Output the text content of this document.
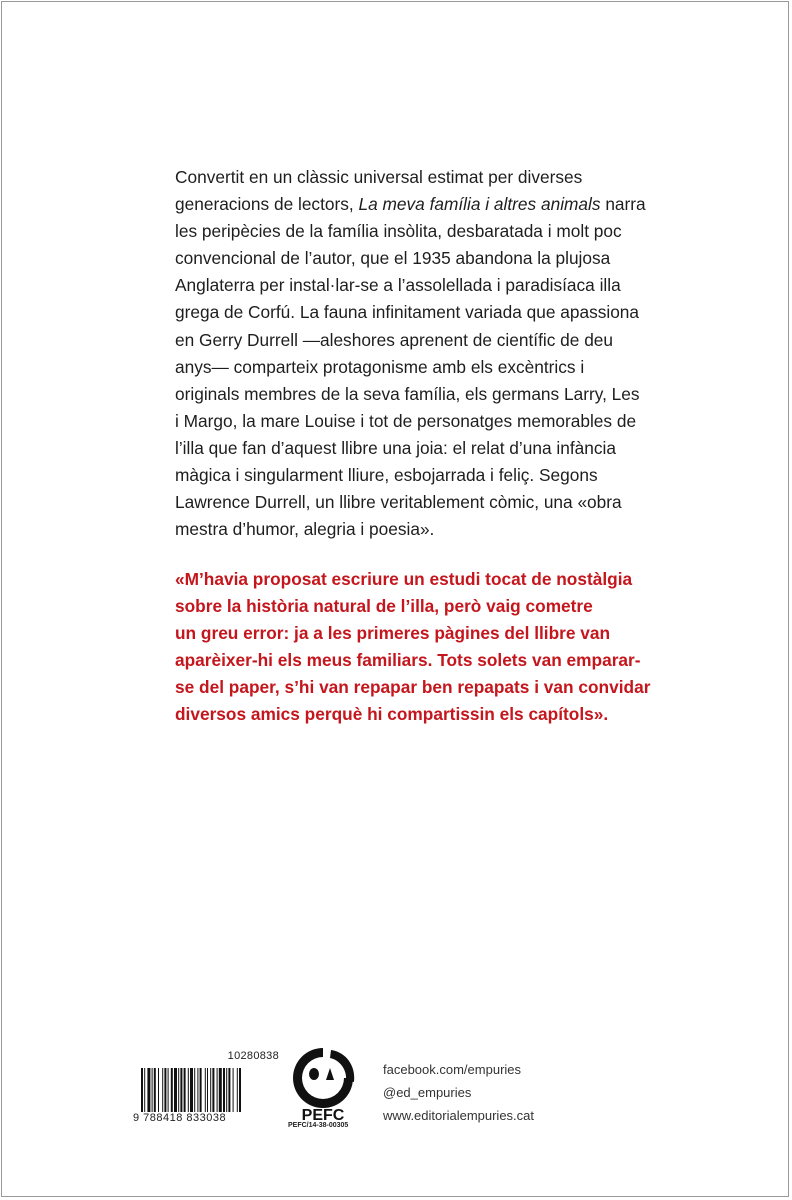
Convertit en un clàssic universal estimat per diverses
generacions de lectors, La meva família i altres animals narra
les peripècies de la família insòlita, desbaratada i molt poc
convencional de l’autor, que el 1935 abandona la plujosa
Anglaterra per instal·lar-se a l’assolellada i paradisíaca illa
grega de Corfú. La fauna infinitament variada que apassiona
en Gerry Durrell —aleshores aprenent de científic de deu
anys— comparteix protagonisme amb els excèntrics i
originals membres de la seva família, els germans Larry, Les
i Margo, la mare Louise i tot de personatges memorables de
l’illa que fan d’aquest llibre una joia: el relat d’una infància
màgica i singularment lliure, esbojarrada i feliç. Segons
Lawrence Durrell, un llibre veritablement còmic, una «obra
mestra d’humor, alegria i poesia».
«M’havia proposat escriure un estudi tocat de nostàlgia
sobre la història natural de l’illa, però vaig cometre
un greu error: ja a les primeres pàgines del llibre van
aparèixer-hi els meus familiars. Tots solets van emparar-
se del paper, s’hi van repapar ben repapats i van convidar
diversos amics perquè hi compartissin els capítols».
10280838
9 788418 833038	PEFC
PEFC/14-38-00305
facebook.com/empuries
@ed_empuries
www.editorialempuries.cat
